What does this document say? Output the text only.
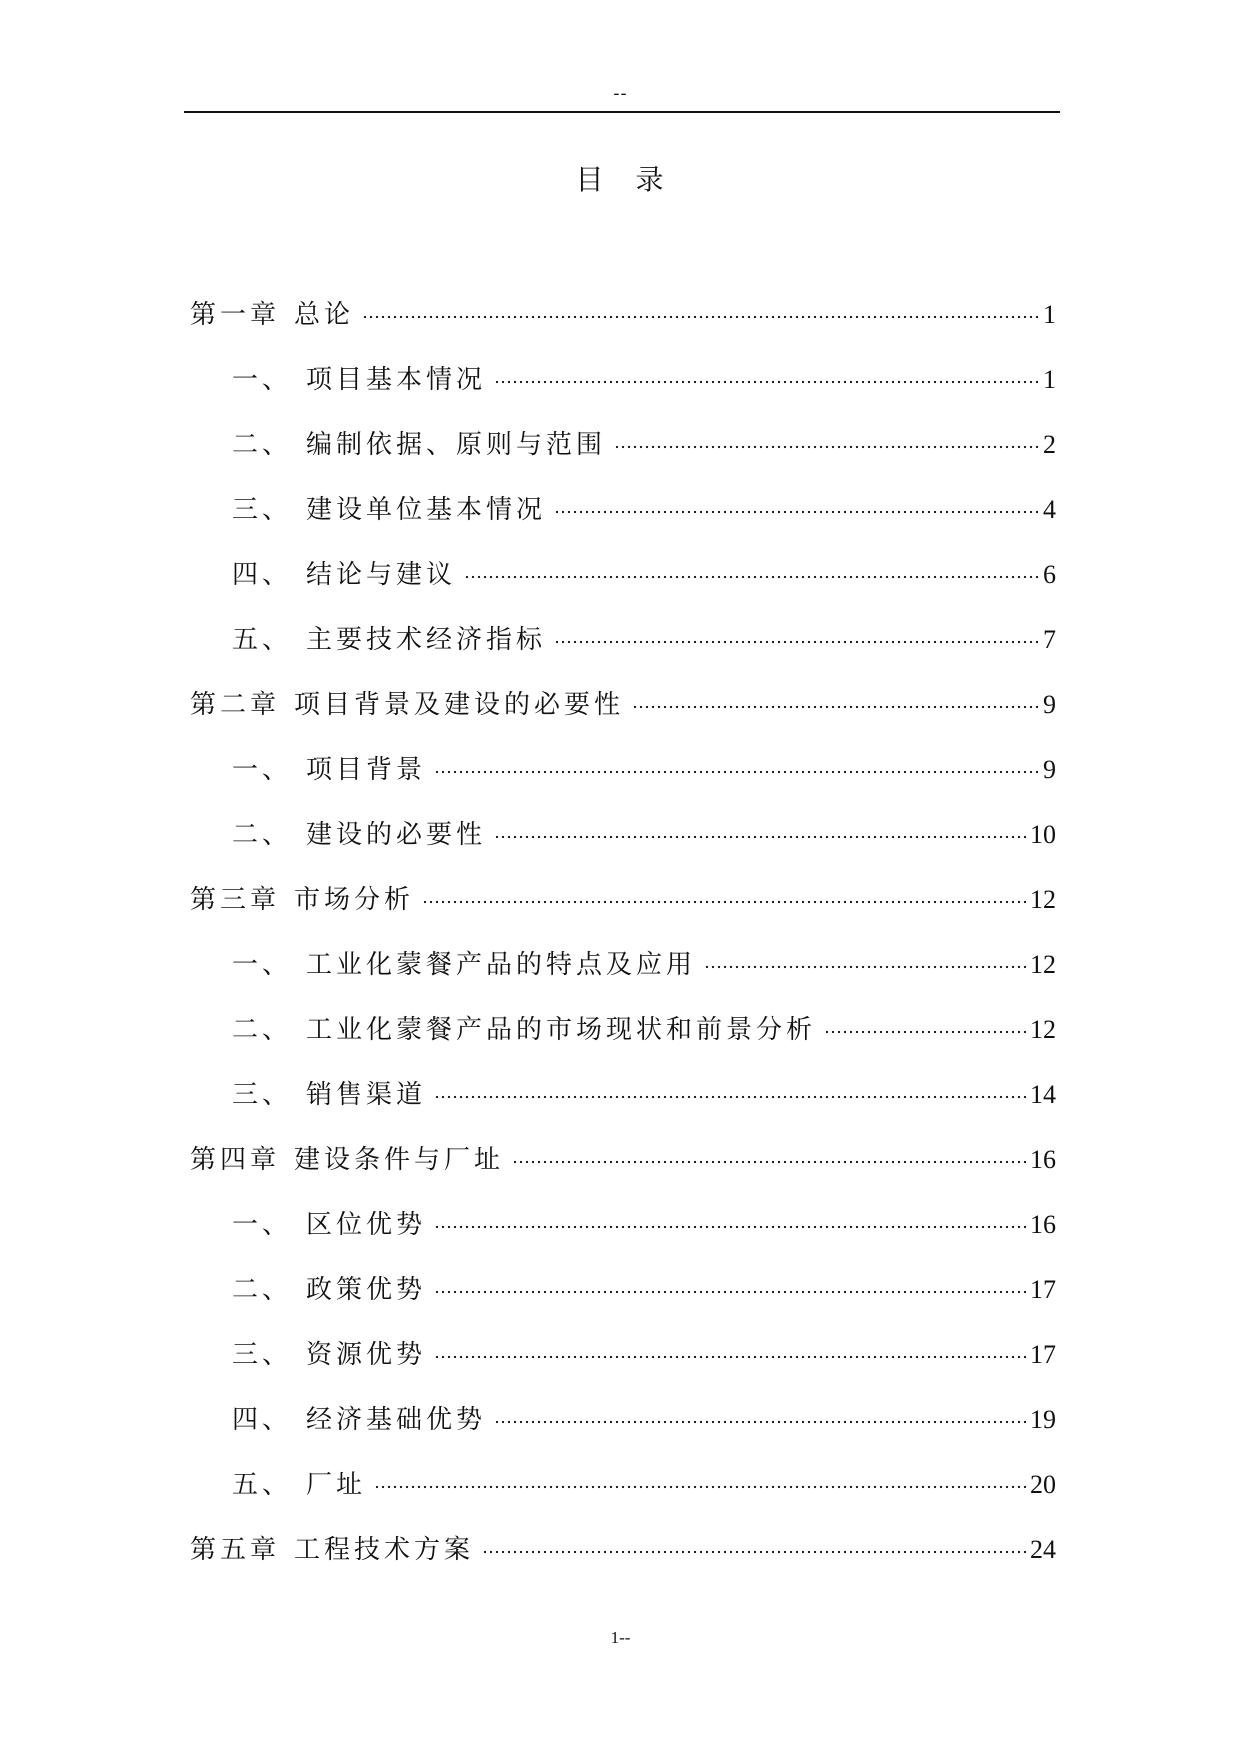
--
目　录
第一章 总论	1
一、 项目基本情况	1
二、 编制依据、原则与范围	2
三、 建设单位基本情况	4
四、 结论与建议	6
五、 主要技术经济指标	7
第二章 项目背景及建设的必要性	9
一、 项目背景	9
二、 建设的必要性	10
第三章 市场分析	12
一、 工业化蒙餐产品的特点及应用	12
二、 工业化蒙餐产品的市场现状和前景分析	12
三、 销售渠道	14
第四章 建设条件与厂址	16
一、 区位优势	16
二、 政策优势	17
三、 资源优势	17
四、 经济基础优势	19
五、 厂址	20
第五章 工程技术方案	24
1--
